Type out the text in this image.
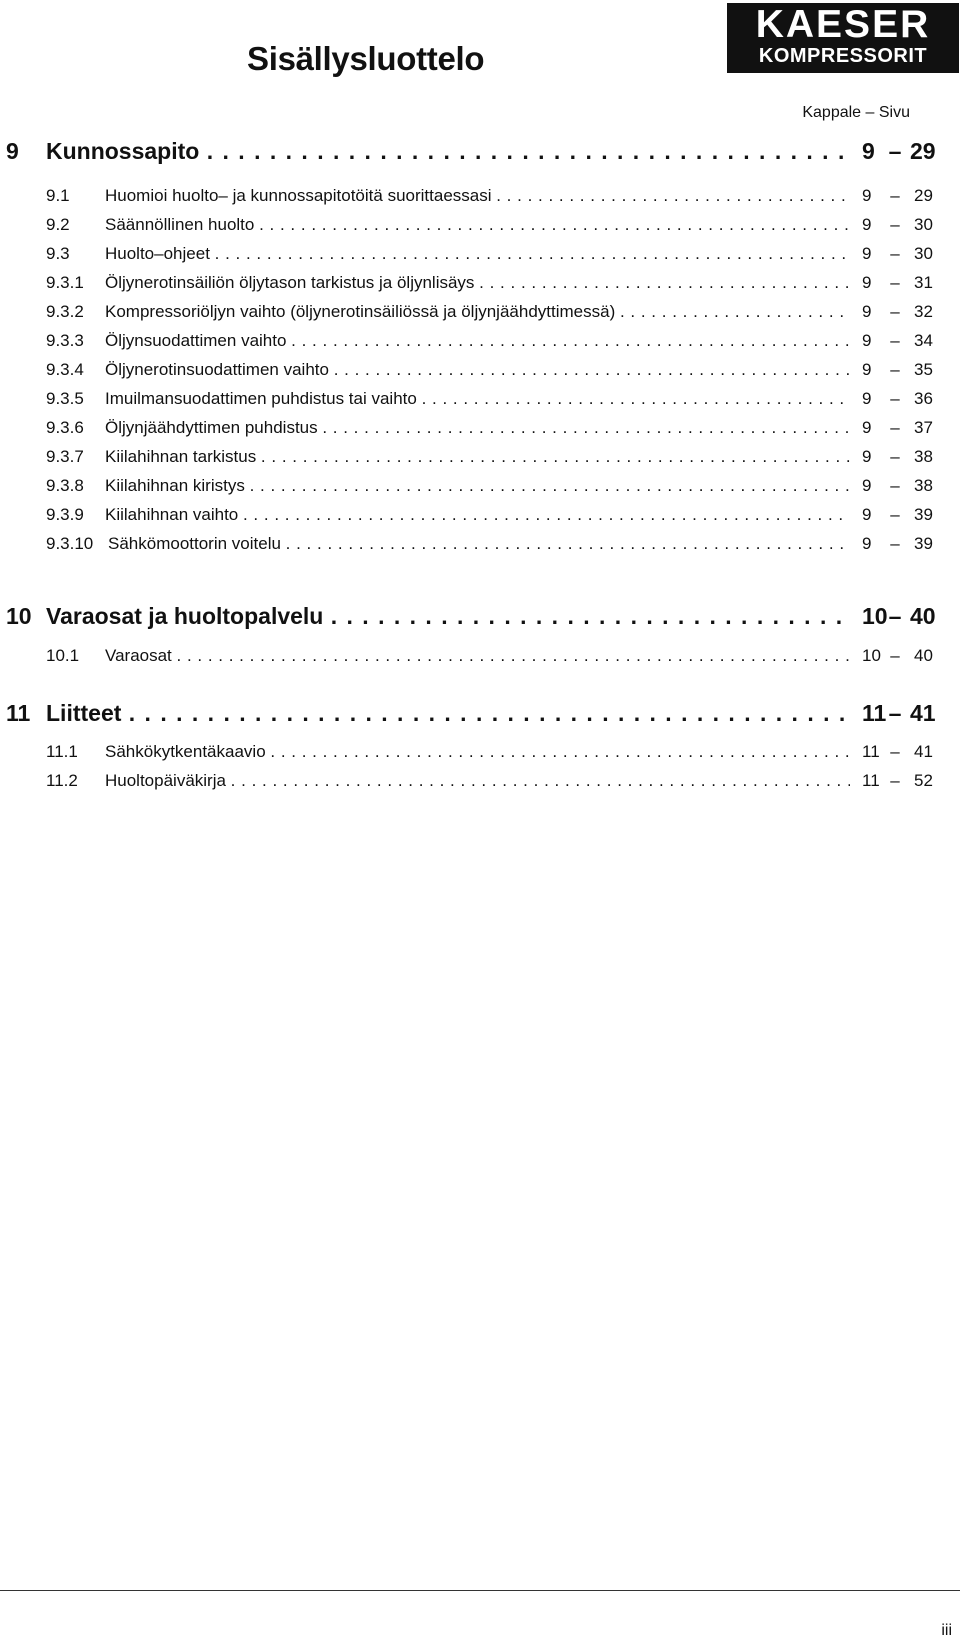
Sisällysluottelo
KAESER
KOMPRESSORIT
Kappale – Sivu
9 Kunnossapito . . .	9 – 29
9.1 Huomioi huolto– ja kunnossapitotöitä suorittaessasi . . .	9	– 29
9.2 Säännöllinen huolto . . .	9	– 30
9.3 Huolto–ohjeet . . .	9	– 30
9.3.1 Öljynerotinsäiliön öljytason tarkistus ja öljynlisäys . . .	9	– 31
9.3.2 Kompressoriöljyn vaihto (öljynerotinsäiliössä ja öljynjäähdyttimessä) . . .	9	– 32
9.3.3 Öljynsuodattimen vaihto . . .	9	– 34
9.3.4 Öljynerotinsuodattimen vaihto . . .	9	– 35
9.3.5 Imuilmansuodattimen puhdistus tai vaihto . . .	9	– 36
9.3.6 Öljynjäähdyttimen puhdistus . . .	9	– 37
9.3.7 Kiilahihnan tarkistus . . .	9	– 38
9.3.8 Kiilahihnan kiristys . . .	9	– 38
9.3.9 Kiilahihnan vaihto . . .	9	– 39
9.3.10 Sähkömoottorin voitelu . . .	9	– 39
10 Varaosat ja huoltopalvelu . . .	10 – 40
10.1 Varaosat . . .	10 – 40
11 Liitteet . . .	11 – 41
11.1 Sähkökytkentäkaavio . . .	11 – 41
11.2 Huoltopäiväkirja . . .	11 – 52
iii
